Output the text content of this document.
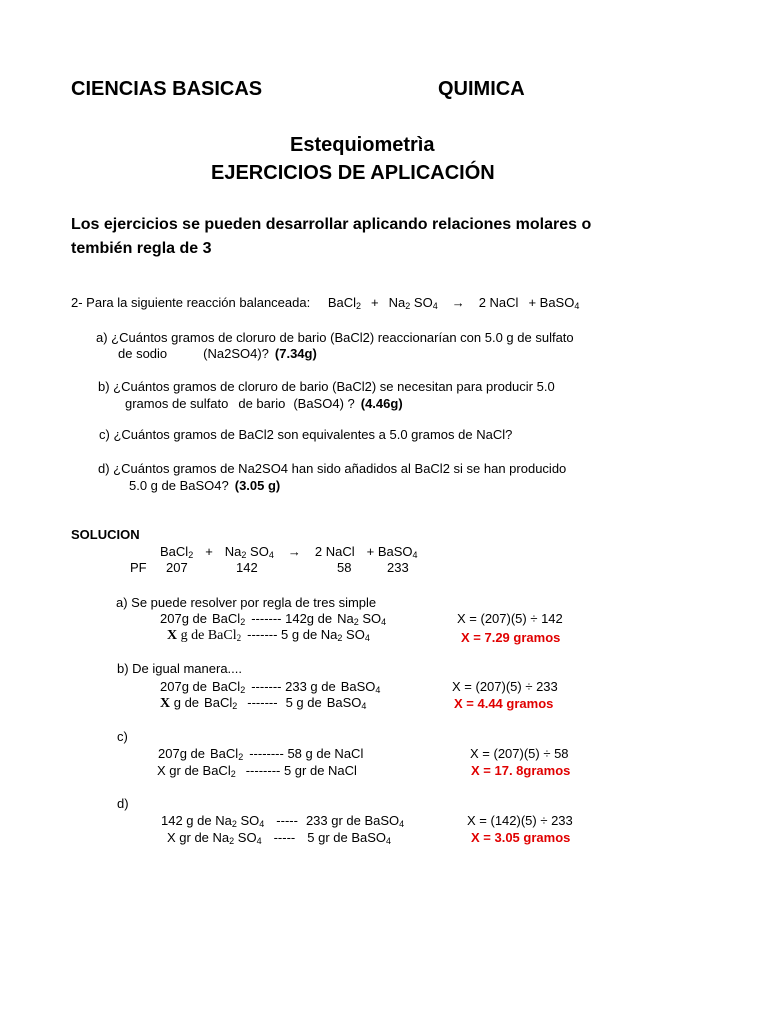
CIENCIAS BASICAS	QUIMICA
Estequiometrìa
EJERCICIOS DE APLICACIÓN
Los ejercicios se pueden desarrollar aplicando relaciones molares o
tembién regla de 3
2- Para la siguiente reacción balanceada: BaCl$_2$ + $Na_2$ $SO_4 \to 2$ NaCl + BaSO$_4$
a) ¿Cuántos gramos de cloruro de bario (BaCl2) reaccionarían con 5.0 g de sulfato
de sodio	(Na2SO4)? (7.34g)
b) ¿Cuántos gramos de cloruro de bario (BaCl2) se necesitan para producir 5.0
gramos de sulfato de bario (BaSO4) ? (4.46g)
c) ¿Cuántos gramos de BaCl2 son equivalentes a 5.0 gramos de NaCl?
d) ¿Cuántos gramos de Na2SO4 han sido añadidos al BaCl2 si se han producido
5.0 g de BaSO4? (3.05 g)
SOLUCION
BaCl$_2$ + $Na_2$ $SO_4 \to 2$ NaCl + BaSO$_4$
PF 207	142	58	233
a) Se puede resolver por regla de tres simple
207g de BaCl$_2$ ------- 142g de $Na_2$ $SO_4$
X g de BaCl$_2$ ------- 5 g de $Na_2$ $SO_4$
X = (207)(5) ÷ 142
X = 7.29 gramos
b) De igual manera....
207g de BaCl$_2$ ------- 233 g de BaSO$_4$
X g de BaCl$_2$ ------- 5 g de BaSO$_4$
X = (207)(5) ÷ 233
X = 4.44 gramos
c)
207g de BaCl$_2$ -------- 58 g de NaCl
X gr de BaCl$_2$ -------- 5 gr de NaCl
X = (207)(5) ÷ 58
X = 17. 8gramos
d)
142 g de $Na_2$ $SO_4$ ----- 233 gr de BaSO$_4$
X gr de $Na_2$ $SO_4$ ----- 5 gr de BaSO$_4$
X = (142)(5) ÷ 233
X = 3.05 gramos
